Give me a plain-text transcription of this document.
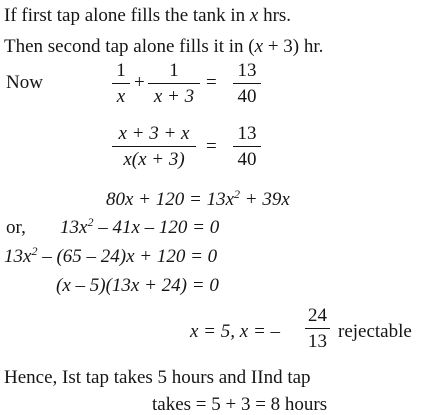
If first tap alone fills the tank in x hrs.
Then second tap alone fills it in (x + 3) hr.
Now
1
x
+
1
x + 3
=
13
40
x + 3 + x
x(x + 3)
=
13
40
$80x + 120 = 13x^2 + 39x$
or, $13x^2 - 41x - 120 = 0$
$13x^2 - (65 - 24)x + 120 = 0$
(x – 5)(13x + 24) = 0
x = 5, x = –
24
13 rejectable
Hence, Ist tap takes 5 hours and IInd tap
takes = 5 + 3 = 8 hours
